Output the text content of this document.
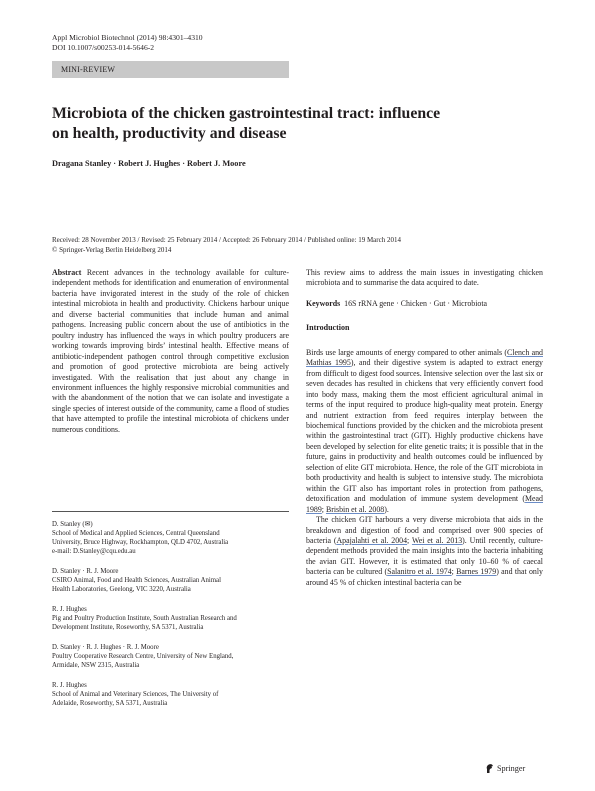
Appl Microbiol Biotechnol (2014) 98:4301–4310
DOI 10.1007/s00253-014-5646-2
MINI-REVIEW
Microbiota of the chicken gastrointestinal tract: influence
on health, productivity and disease
Dragana Stanley · Robert J. Hughes · Robert J. Moore
Received: 28 November 2013 / Revised: 25 February 2014 / Accepted: 26 February 2014 / Published online: 19 March 2014
© Springer-Verlag Berlin Heidelberg 2014

Abstract Recent advances in the technology available for culture-independent methods for identification and enumeration of environmental bacteria have invigorated interest in the study of the role of chicken intestinal microbiota in health and productivity. Chickens harbour unique and diverse bacterial communities that include human and animal pathogens. Increasing public concern about the use of antibiotics in the poultry industry has influenced the ways in which poultry producers are working towards improving birds’ intestinal health. Effective means of antibiotic-independent pathogen control through competitive exclusion and promotion of good protective microbiota are being actively investigated. With the realisation that just about any change in environment influences the highly responsive microbial communities and with the abandonment of the notion that we can isolate and investigate a single species of interest outside of the community, came a flood of studies that have attempted to profile the intestinal microbiota of chickens under numerous conditions.

D. Stanley (✉)

School of Medical and Applied Sciences, Central Queensland

University, Bruce Highway, Rockhampton, QLD 4702, Australia

e-mail: D.Stanley@cqu.edu.au

D. Stanley · R. J. Moore

CSIRO Animal, Food and Health Sciences, Australian Animal

Health Laboratories, Geelong, VIC 3220, Australia

R. J. Hughes

Pig and Poultry Production Institute, South Australian Research and

Development Institute, Roseworthy, SA 5371, Australia

D. Stanley · R. J. Hughes · R. J. Moore

Poultry Cooperative Research Centre, University of New England,

Armidale, NSW 2315, Australia

R. J. Hughes

School of Animal and Veterinary Sciences, The University of

Adelaide, Roseworthy, SA 5371, Australia

This review aims to address the main issues in investigating chicken microbiota and to summarise the data acquired to date.

Keywords 16S rRNA gene · Chicken · Gut · Microbiota

Introduction

Birds use large amounts of energy compared to other animals (Clench and Mathias 1995), and their digestive system is adapted to extract energy from difficult to digest food sources. Intensive selection over the last six or seven decades has resulted in chickens that very efficiently convert food into body mass, making them the most efficient agricultural animal in terms of the input required to produce high-quality meat protein. Energy and nutrient extraction from feed requires interplay between the biochemical functions provided by the chicken and the microbiota present within the gastrointestinal tract (GIT). Highly productive chickens have been developed by selection for elite genetic traits; it is possible that in the future, gains in productivity and health outcomes could be influenced by selection of elite GIT microbiota. Hence, the role of the GIT microbiota in both productivity and health is subject to intensive study. The microbiota within the GIT also has important roles in protection from pathogens, detoxification and modulation of immune system development (Mead 1989; Brisbin et al. 2008).

The chicken GIT harbours a very diverse microbiota that aids in the breakdown and digestion of food and comprised over 900 species of bacteria (Apajalahti et al. 2004; Wei et al. 2013). Until recently, culture-dependent methods provided the main insights into the bacteria inhabiting the avian GIT. However, it is estimated that only 10–60 % of caecal bacteria can be cultured (Salanitro et al. 1974; Barnes 1979) and that only around 45 % of chicken intestinal bacteria can be

Springer
